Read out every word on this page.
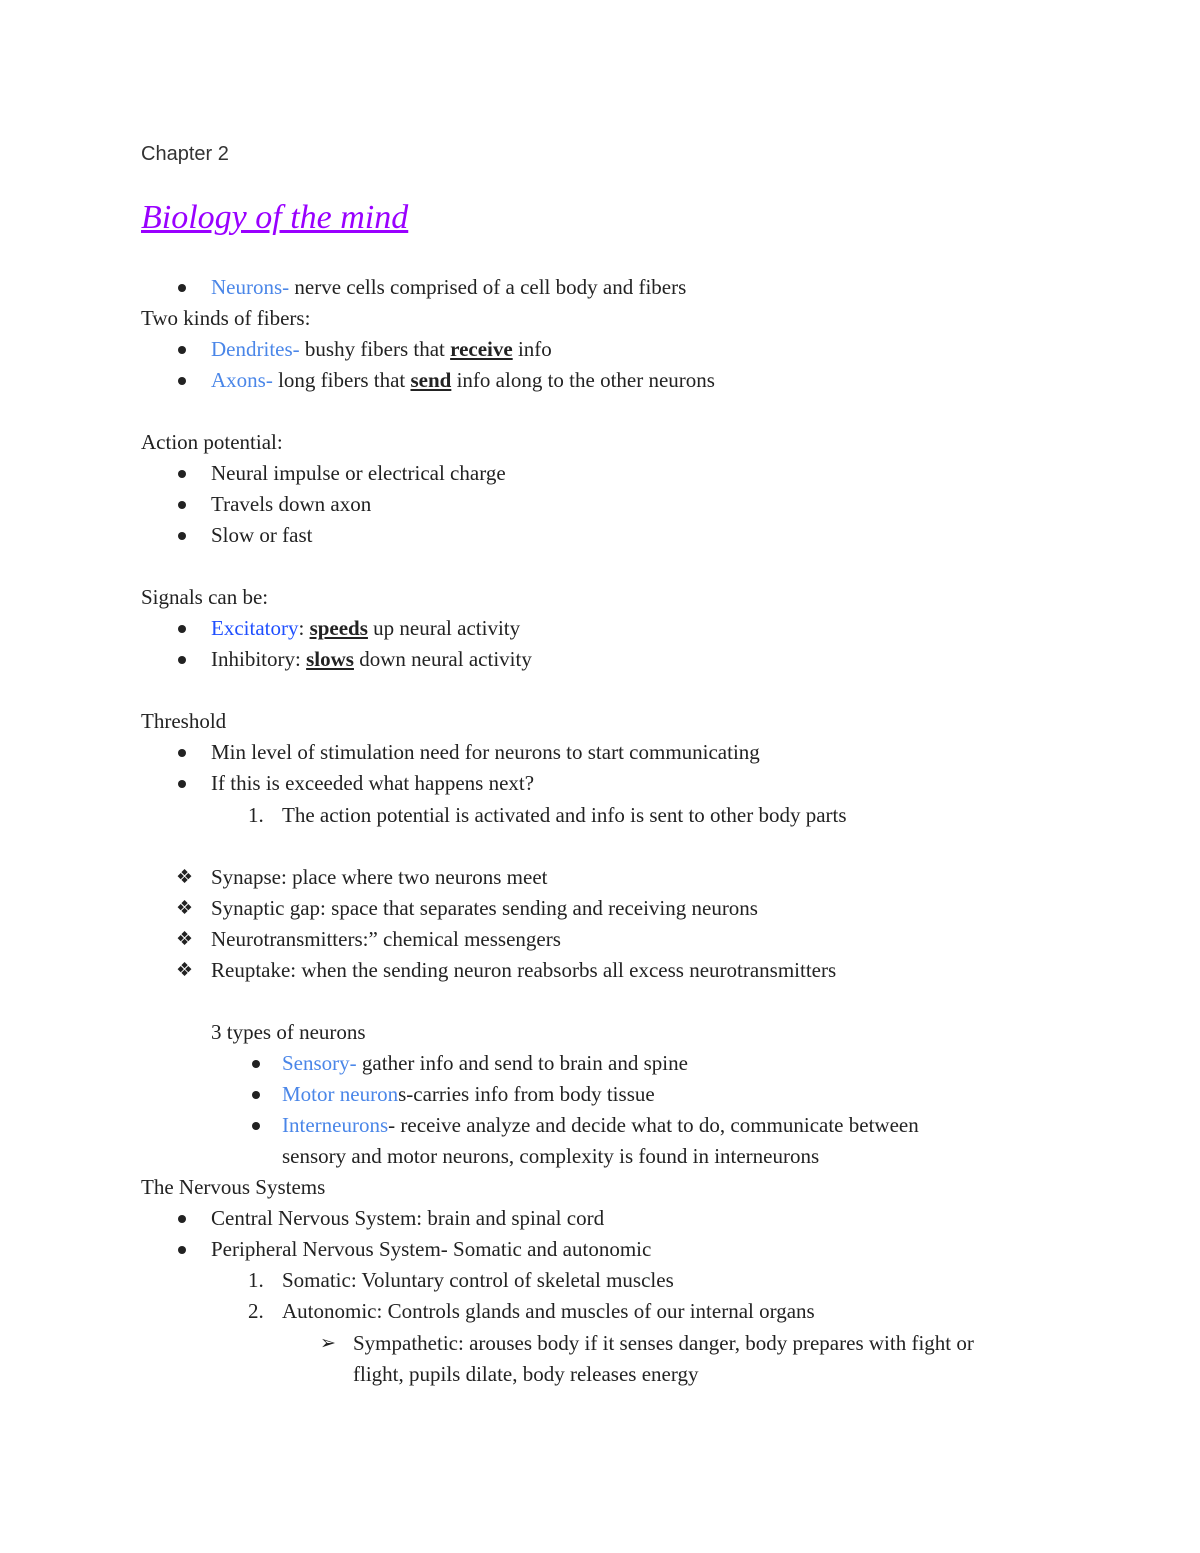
Chapter 2
Biology of the mind
Neurons- nerve cells comprised of a cell body and fibers
Two kinds of fibers:
Dendrites- bushy fibers that receive info
Axons- long fibers that send info along to the other neurons
Action potential:
Neural impulse or electrical charge
Travels down axon
Slow or fast
Signals can be:
Excitatory: speeds up neural activity
Inhibitory: slows down neural activity
Threshold
Min level of stimulation need for neurons to start communicating
If this is exceeded what happens next?
1. The action potential is activated and info is sent to other body parts
❖ Synapse: place where two neurons meet
❖ Synaptic gap: space that separates sending and receiving neurons
❖ Neurotransmitters:” chemical messengers
❖ Reuptake: when the sending neuron reabsorbs all excess neurotransmitters
3 types of neurons
Sensory- gather info and send to brain and spine
Motor neurons-carries info from body tissue
Interneurons- receive analyze and decide what to do, communicate between
sensory and motor neurons, complexity is found in interneurons
The Nervous Systems
Central Nervous System: brain and spinal cord
Peripheral Nervous System- Somatic and autonomic
1. Somatic: Voluntary control of skeletal muscles
2. Autonomic: Controls glands and muscles of our internal organs
➢ Sympathetic: arouses body if it senses danger, body prepares with fight or
flight, pupils dilate, body releases energy
